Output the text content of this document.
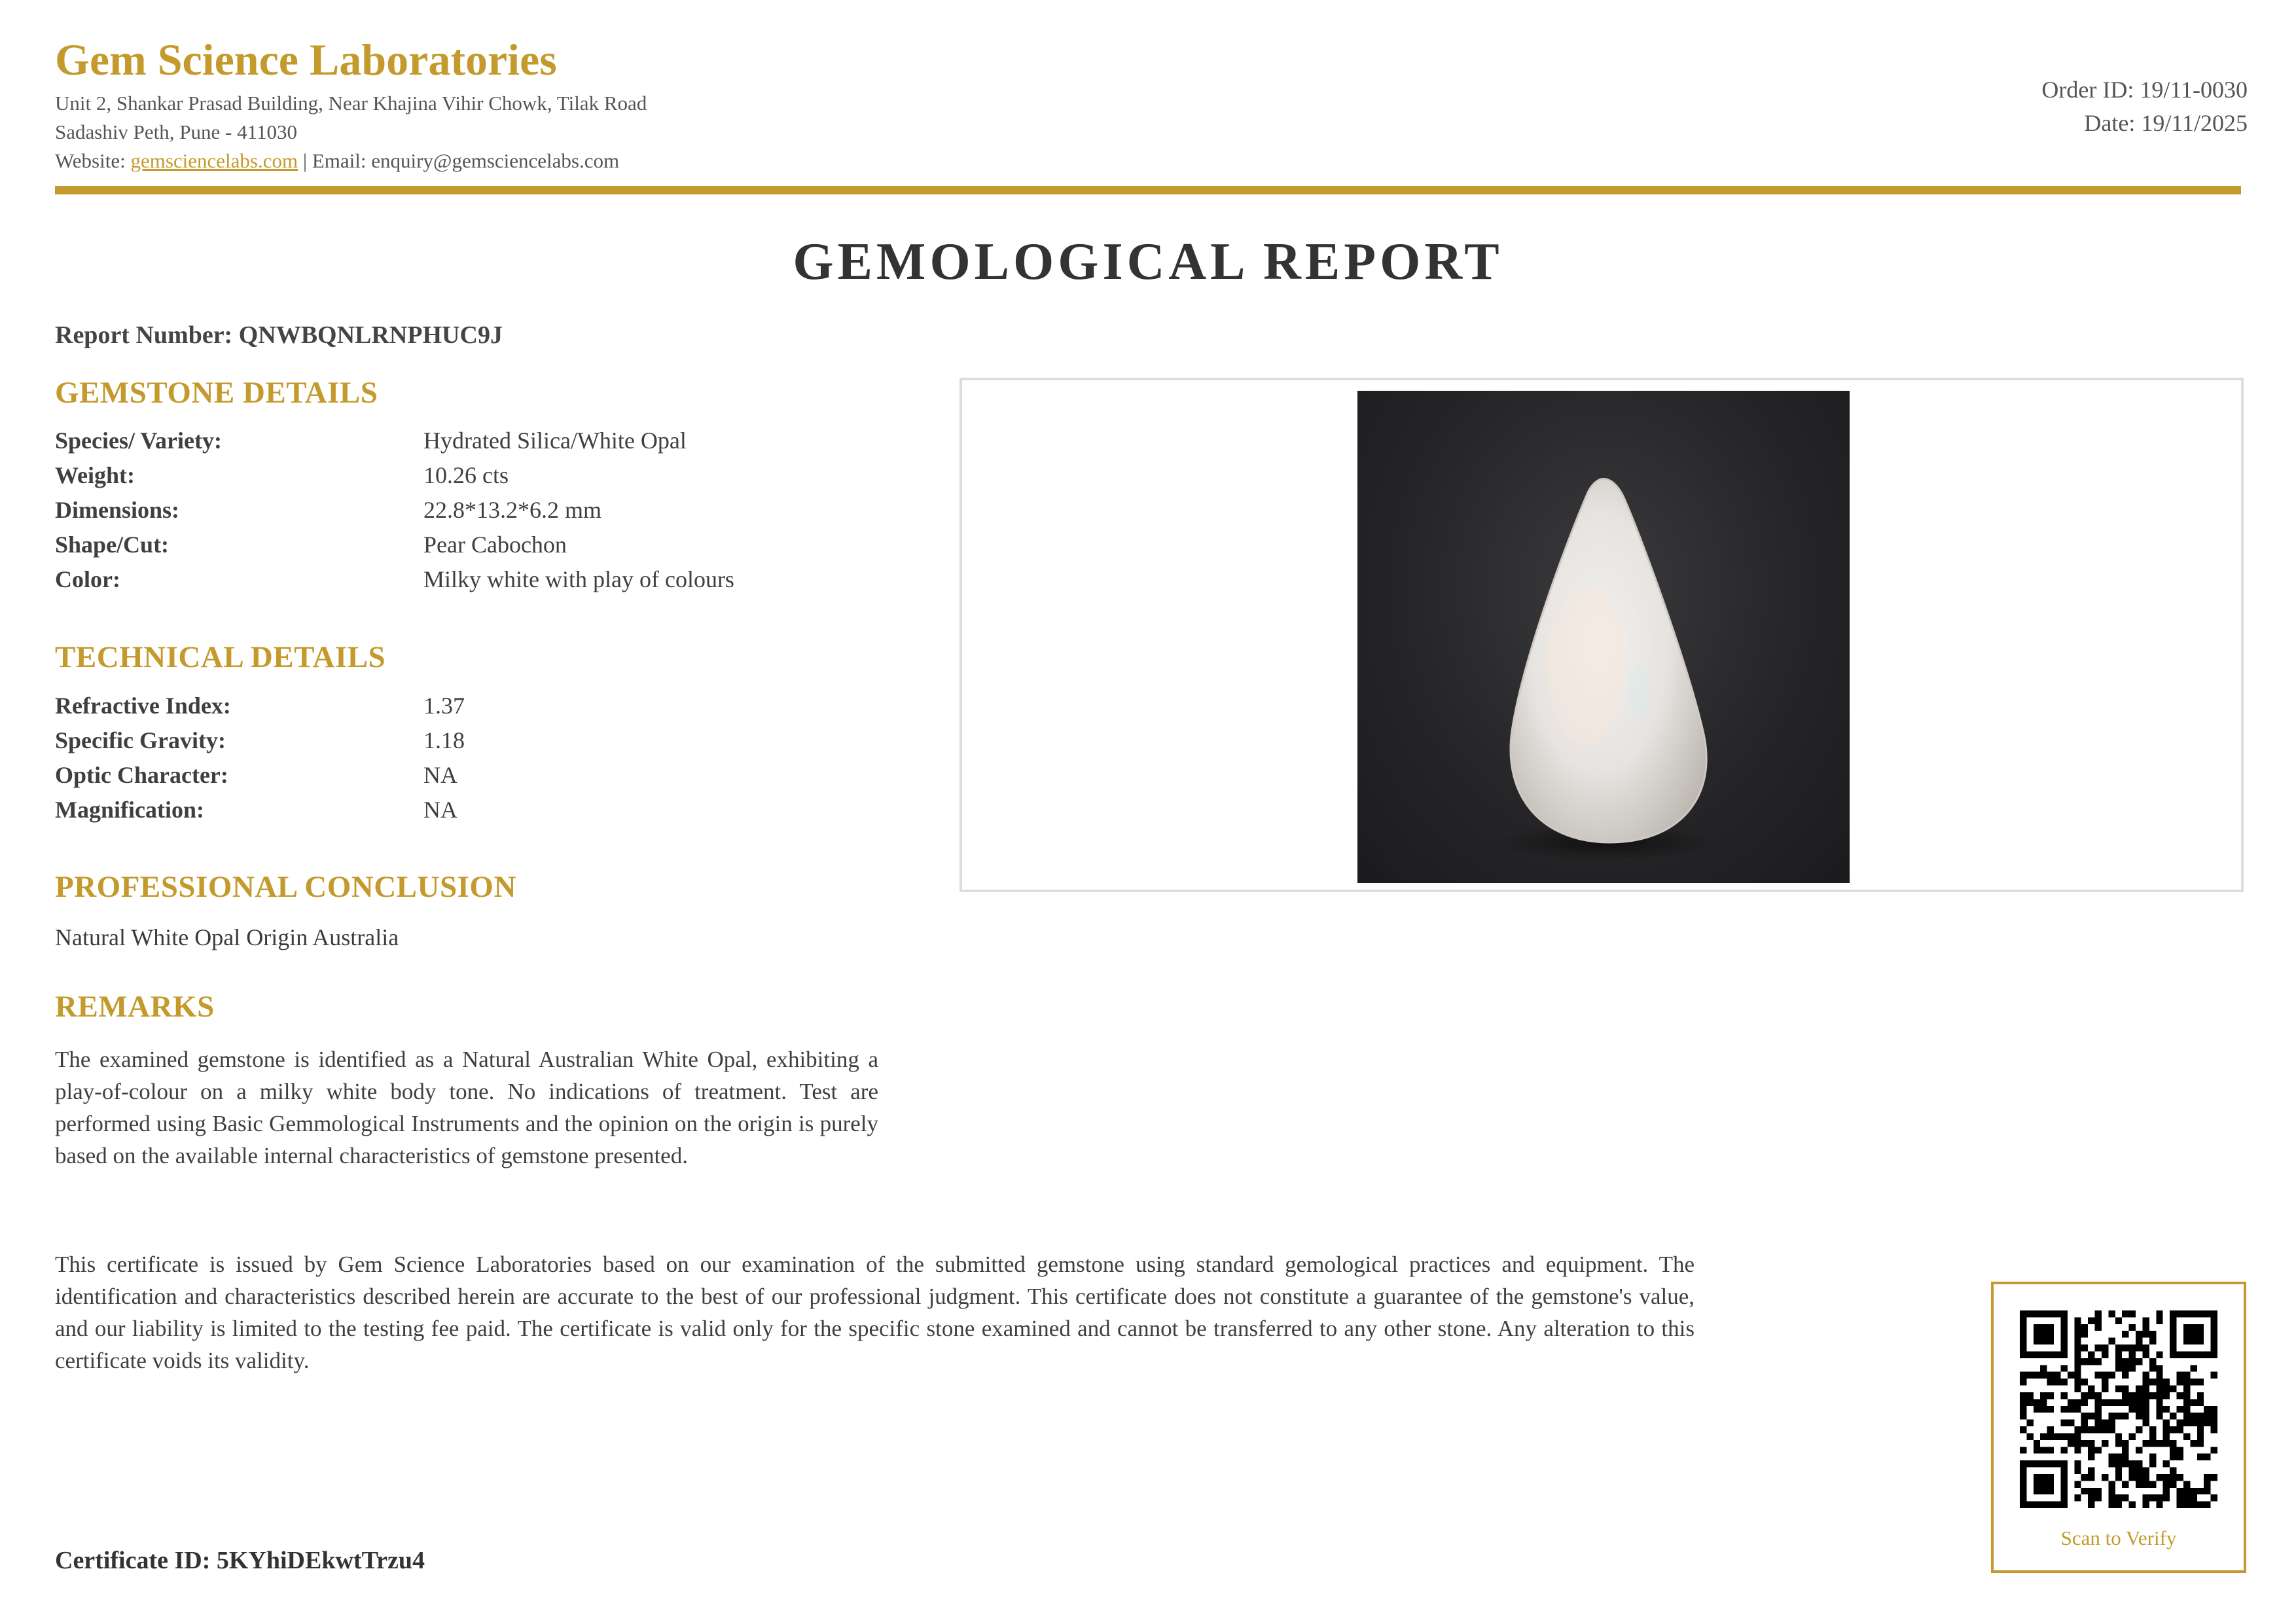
Gem Science Laboratories
Unit 2, Shankar Prasad Building, Near Khajina Vihir Chowk, Tilak Road
Sadashiv Peth, Pune - 411030
Website: gemsciencelabs.com | Email: enquiry@gemsciencelabs.com
Order ID: 19/11-0030
Date: 19/11/2025
GEMOLOGICAL REPORT
Report Number: QNWBQNLRNPHUC9J
GEMSTONE DETAILS
Species/ Variety:	Hydrated Silica/White Opal
Weight:	10.26 cts
Dimensions:	22.8*13.2*6.2 mm
Shape/Cut:	Pear Cabochon
Color:	Milky white with play of colours
TECHNICAL DETAILS
Refractive Index:	1.37
Specific Gravity:	1.18
Optic Character:	NA
Magnification:	NA
PROFESSIONAL CONCLUSION
Natural White Opal Origin Australia
REMARKS
The examined gemstone is identified as a Natural Australian White Opal, exhibiting a play-of-colour on a milky white body tone. No indications of treatment. Test are performed using Basic Gemmological Instruments and the opinion on the origin is purely based on the available internal characteristics of gemstone presented.
This certificate is issued by Gem Science Laboratories based on our examination of the submitted gemstone using standard gemological practices and equipment. The identification and characteristics described herein are accurate to the best of our professional judgment. This certificate does not constitute a guarantee of the gemstone's value, and our liability is limited to the testing fee paid. The certificate is valid only for the specific stone examined and cannot be transferred to any other stone. Any alteration to this certificate voids its validity.
Certificate ID: 5KYhiDEkwtTrzu4
Scan to Verify
